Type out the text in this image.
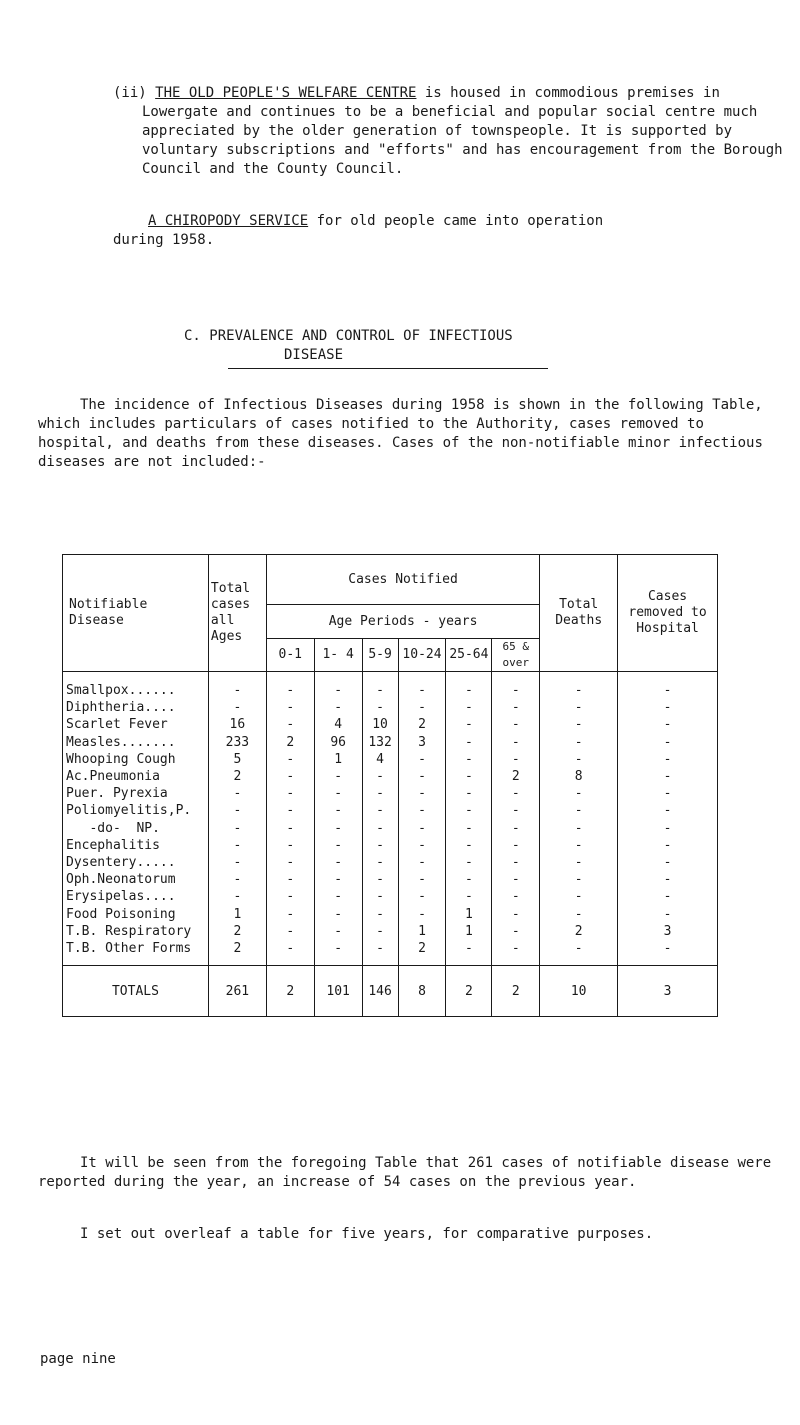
(ii) THE OLD PEOPLE'S WELFARE CENTRE is housed in commodious premises in Lowergate and continues to be a beneficial and popular social centre much appreciated by the older generation of townspeople. It is supported by voluntary subscriptions and "efforts" and has encouragement from the Borough Council and the County Council.

A CHIROPODY SERVICE for old people came into operation

during 1958.

C. PREVALENCE AND CONTROL OF INFECTIOUS
DISEASE

The incidence of Infectious Diseases during 1958 is shown in the following Table, which includes particulars of cases notified to the Authority, cases removed to hospital, and deaths from these diseases. Cases of the non-notifiable minor infectious diseases are not included:-

Notifiable Disease	Total cases all Ages	Cases Notified						Total Deaths	Cases removed to Hospital
		Age Periods - years							
		0-1	1- 4	5-9	10-24	25-64	65 & over		

Smallpox......	-	-	-	-	-	-	-	-	-
Diphtheria....	-	-	-	-	-	-	-	-	-
Scarlet Fever	16	-	4	10	2	-	-	-	-
Measles.......	233	2	96	132	3	-	-	-	-
Whooping Cough	5	-	1	4	-	-	-	-	-
Ac.Pneumonia	2	-	-	-	-	-	2	8	-
Puer. Pyrexia	-	-	-	-	-	-	-	-	-
Poliomyelitis,P.	-	-	-	-	-	-	-	-	-
-do-  NP.	-	-	-	-	-	-	-	-	-
Encephalitis	-	-	-	-	-	-	-	-	-
Dysentery.....	-	-	-	-	-	-	-	-	-
Oph.Neonatorum	-	-	-	-	-	-	-	-	-
Erysipelas....	-	-	-	-	-	-	-	-	-
Food Poisoning	1	-	-	-	-	1	-	-	-
T.B. Respiratory	2	-	-	-	1	1	-	2	3
T.B. Other Forms	2	-	-	-	2	-	-	-	-

TOTALS	261	2	101	146	8	2	2	10	3

It will be seen from the foregoing Table that 261 cases of notifiable disease were reported during the year, an increase of 54 cases on the previous year.

I set out overleaf a table for five years, for comparative purposes.

page nine
